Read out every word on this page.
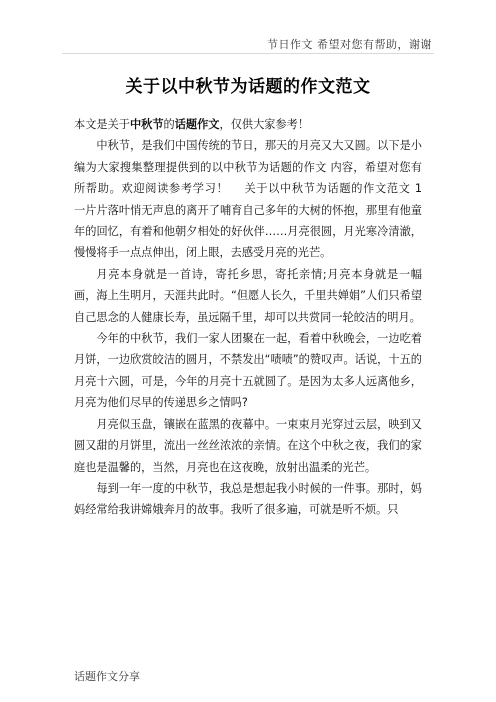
节日作文 希望对您有帮助，谢谢
关于以中秋节为话题的作文范文

本文是关于中秋节的话题作文，仅供大家参考！

中秋节，是我们中国传统的节日，那天的月亮又大又圆。以下是小编为大家搜集整理提供到的以中秋节为话题的作文 内容，希望对您有所帮助。欢迎阅读参考学习！　 关于以中秋节为话题的作文范文 1　 一片片落叶悄无声息的离开了哺育自己多年的大树的怀抱，那里有他童年的回忆，有着和他朝夕相处的好伙伴……月亮很圆，月光寒冷清澈，慢慢将手一点点伸出，闭上眼，去感受月亮的光芒。

月亮本身就是一首诗，寄托乡思，寄托亲情;月亮本身就是一幅画，海上生明月，天涯共此时。“但愿人长久，千里共婵娟”人们只希望自己思念的人健康长寿，虽远隔千里，却可以共赏同一轮皎洁的明月。

今年的中秋节，我们一家人团聚在一起，看着中秋晚会，一边吃着月饼，一边欣赏皎洁的圆月，不禁发出“啧啧”的赞叹声。话说，十五的月亮十六圆，可是，今年的月亮十五就圆了。是因为太多人远离他乡，月亮为他们尽早的传递思乡之情吗?

月亮似玉盘，镶嵌在蓝黑的夜幕中。一束束月光穿过云层，映到又圆又甜的月饼里，流出一丝丝浓浓的亲情。在这个中秋之夜，我们的家庭也是温馨的，当然，月亮也在这夜晚，放射出温柔的光芒。

每到一年一度的中秋节，我总是想起我小时候的一件事。那时，妈妈经常给我讲嫦娥奔月的故事。我听了很多遍，可就是听不烦。只

话题作文分享
